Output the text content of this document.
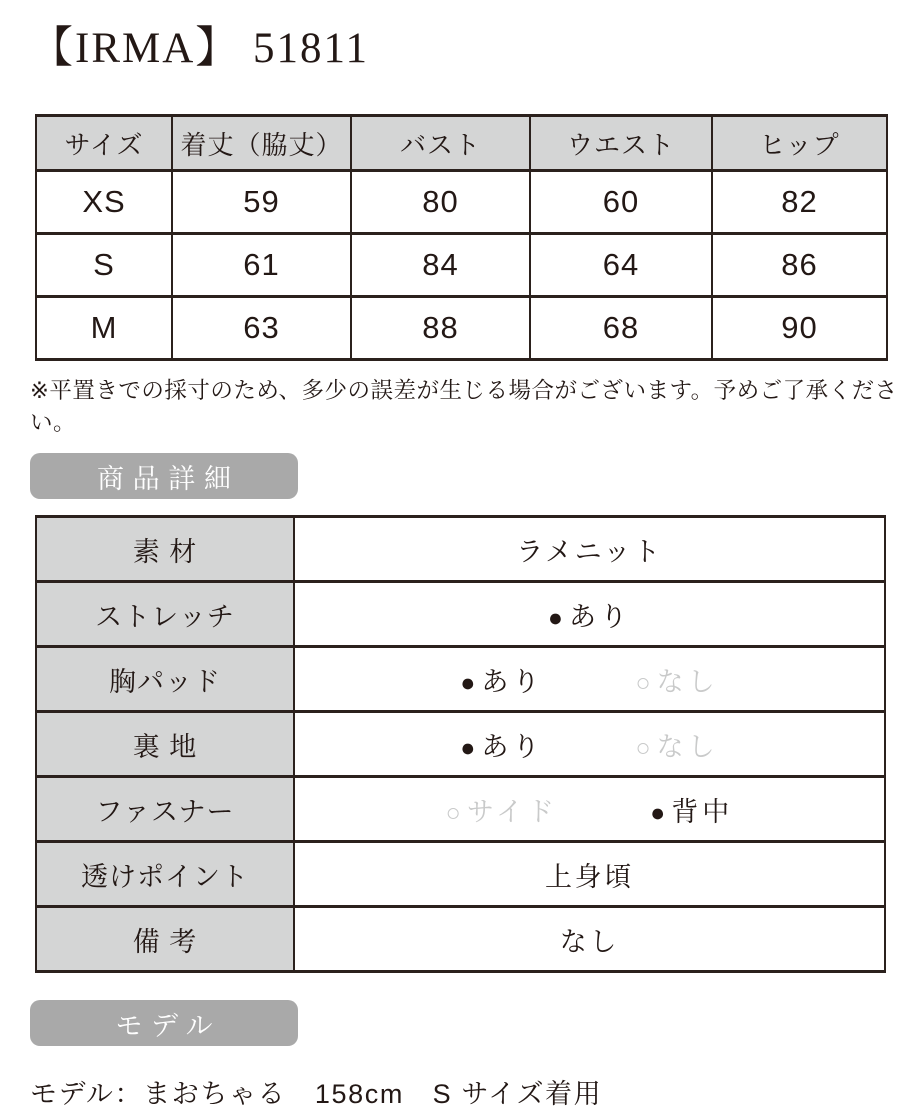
【IRMA】 51811
サイズ	着丈（脇丈）	バスト	ウエスト	ヒップ
XS	59	80	60	82
S	61	84	64	86
M	63	88	68	90
※平置きでの採寸のため、多少の誤差が生じる場合がございます。予めご了承ください。
商品詳細
素 材	ラメニット
ストレッチ	●あり

胸パッド	●あり ○なし

裏 地	●あり ○なし

ファスナー	○サイド ●背中

透けポイント	上身頃
備 考	なし
モデル
モデル：まおちゃる　158cm　S サイズ着用
